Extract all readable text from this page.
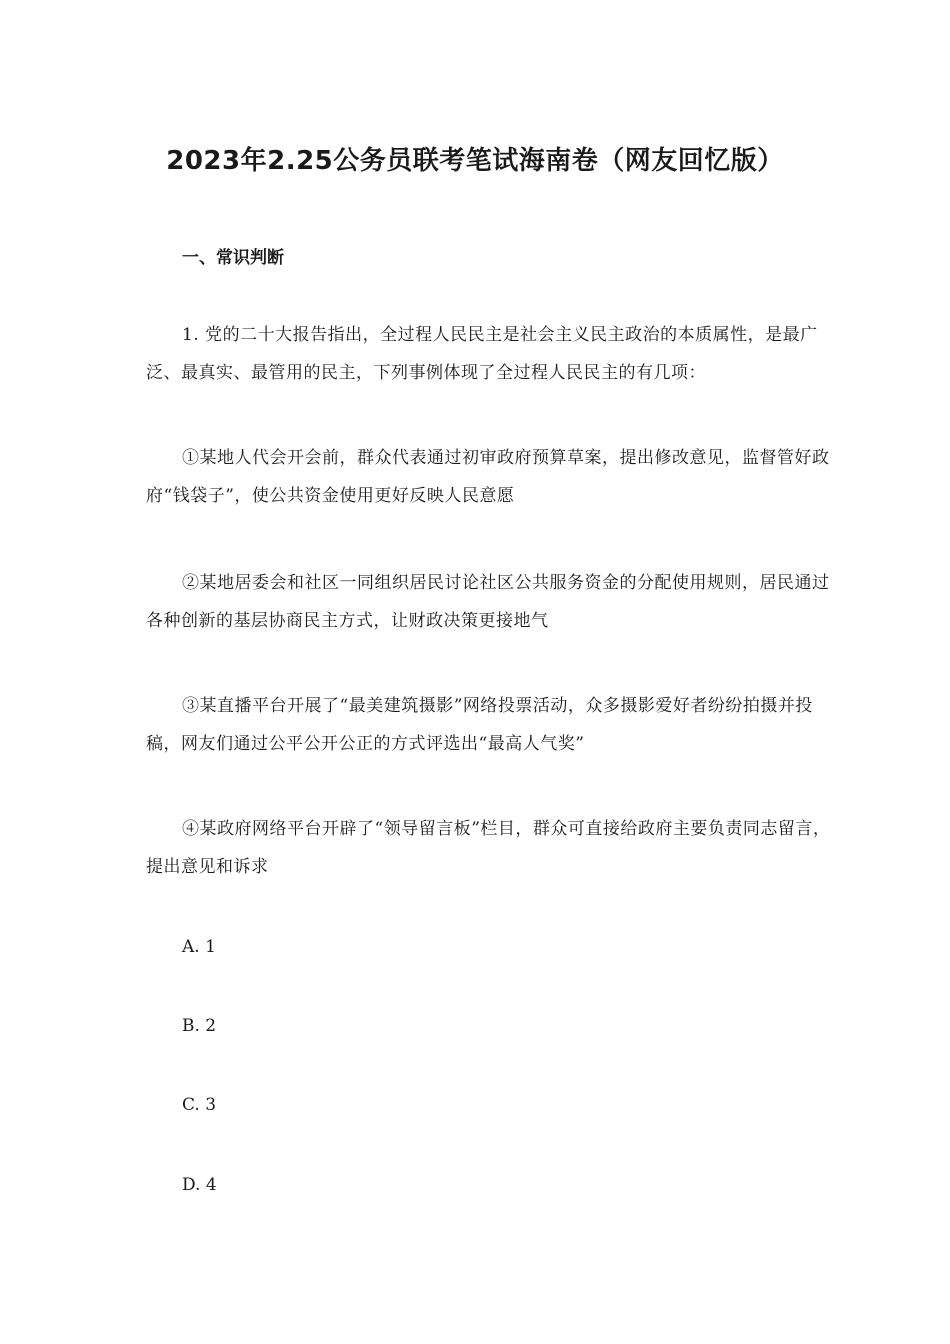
2023年2.25公务员联考笔试海南卷（网友回忆版）
一、常识判断

1. 党的二十大报告指出，全过程人民民主是社会主义民主政治的本质属性，是最广泛、最真实、最管用的民主，下列事例体现了全过程人民民主的有几项：

①某地人代会开会前，群众代表通过初审政府预算草案，提出修改意见，监督管好政府“钱袋子”，使公共资金使用更好反映人民意愿

②某地居委会和社区一同组织居民讨论社区公共服务资金的分配使用规则，居民通过各种创新的基层协商民主方式，让财政决策更接地气

③某直播平台开展了“最美建筑摄影”网络投票活动，众多摄影爱好者纷纷拍摄并投稿，网友们通过公平公开公正的方式评选出“最高人气奖”

④某政府网络平台开辟了“领导留言板”栏目，群众可直接给政府主要负责同志留言，提出意见和诉求

A. 1

B. 2

C. 3

D. 4
